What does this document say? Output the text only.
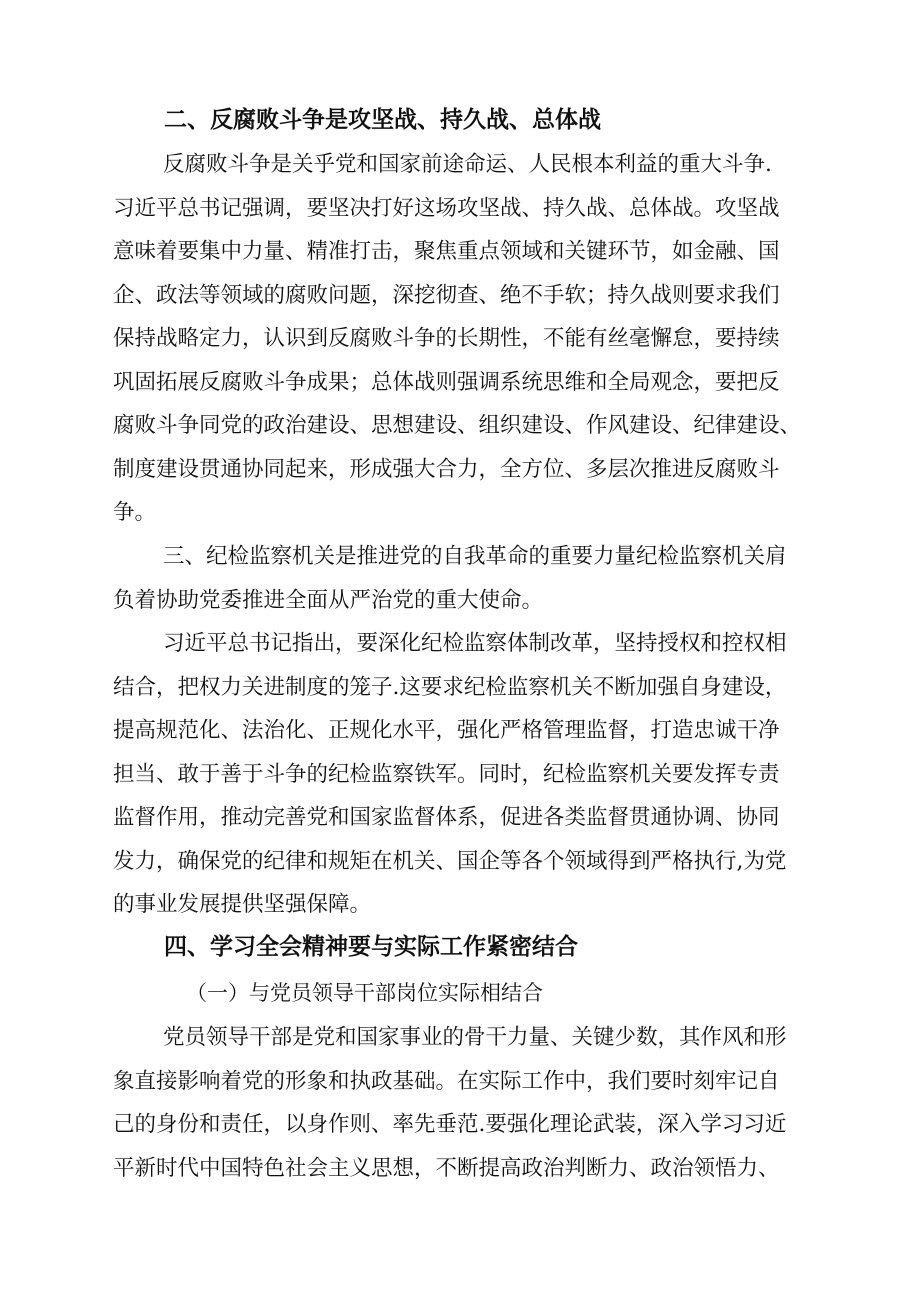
二、反腐败斗争是攻坚战、持久战、总体战
反腐败斗争是关乎党和国家前途命运、人民根本利益的重大斗争.
习近平总书记强调，要坚决打好这场攻坚战、持久战、总体战。攻坚战
意味着要集中力量、精准打击，聚焦重点领域和关键环节，如金融、国
企、政法等领域的腐败问题，深挖彻查、绝不手软；持久战则要求我们
保持战略定力，认识到反腐败斗争的长期性，不能有丝毫懈怠，要持续
巩固拓展反腐败斗争成果；总体战则强调系统思维和全局观念，要把反
腐败斗争同党的政治建设、思想建设、组织建设、作风建设、纪律建设、
制度建设贯通协同起来，形成强大合力，全方位、多层次推进反腐败斗
争。
三、纪检监察机关是推进党的自我革命的重要力量纪检监察机关肩
负着协助党委推进全面从严治党的重大使命。
习近平总书记指出，要深化纪检监察体制改革，坚持授权和控权相
结合，把权力关进制度的笼子.这要求纪检监察机关不断加强自身建设，
提高规范化、法治化、正规化水平，强化严格管理监督，打造忠诚干净
担当、敢于善于斗争的纪检监察铁军。同时，纪检监察机关要发挥专责
监督作用，推动完善党和国家监督体系，促进各类监督贯通协调、协同
发力，确保党的纪律和规矩在机关、国企等各个领域得到严格执行,为党
的事业发展提供坚强保障。
四、学习全会精神要与实际工作紧密结合
（一）与党员领导干部岗位实际相结合
党员领导干部是党和国家事业的骨干力量、关键少数，其作风和形
象直接影响着党的形象和执政基础。在实际工作中，我们要时刻牢记自
己的身份和责任，以身作则、率先垂范.要强化理论武装，深入学习习近
平新时代中国特色社会主义思想，不断提高政治判断力、政治领悟力、
